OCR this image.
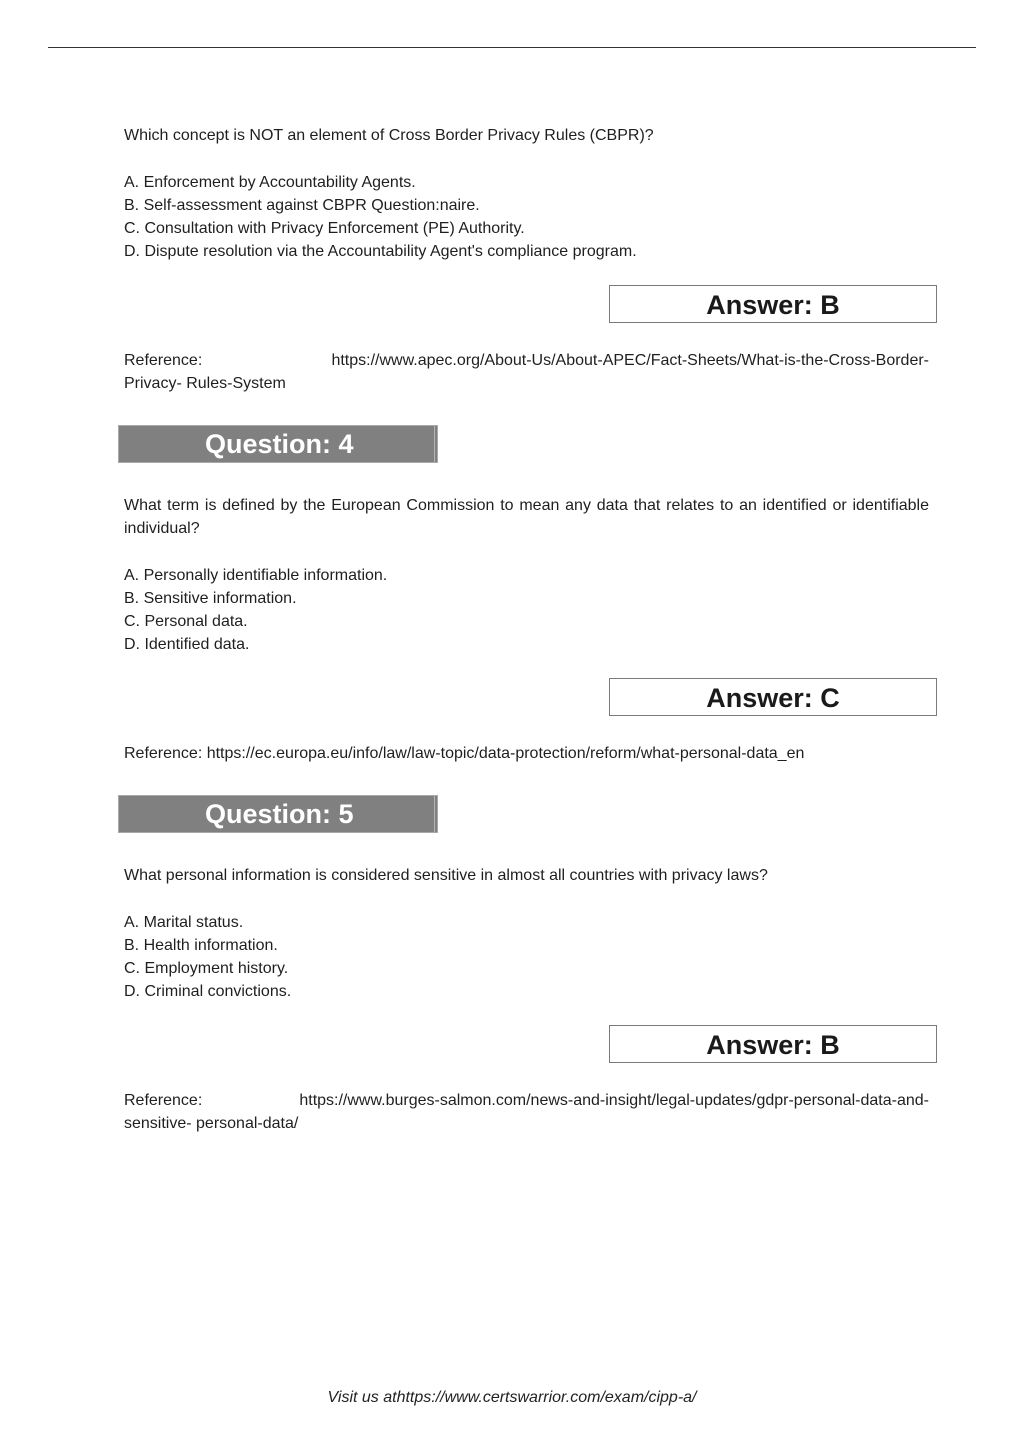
Which concept is NOT an element of Cross Border Privacy Rules (CBPR)?

A. Enforcement by Accountability Agents.
B. Self-assessment against CBPR Question:naire.
C. Consultation with Privacy Enforcement (PE) Authority.
D. Dispute resolution via the Accountability Agent's compliance program.
Answer: B
Reference:	https://www.apec.org/About-Us/About-APEC/Fact-Sheets/What-is-the-Cross-Border-
Privacy- Rules-System
Question: 4

What term is defined by the European Commission to mean any data that relates to an identified or identifiable individual?

A. Personally identifiable information.
B. Sensitive information.
C. Personal data.
D. Identified data.
Answer: C

Reference: https://ec.europa.eu/info/law/law-topic/data-protection/reform/what-personal-data_en

Question: 5

What personal information is considered sensitive in almost all countries with privacy laws?

A. Marital status.
B. Health information.
C. Employment history.
D. Criminal convictions.
Answer: B
Reference:	https://www.burges-salmon.com/news-and-insight/legal-updates/gdpr-personal-data-and-
sensitive- personal-data/
Visit us athttps://www.certswarrior.com/exam/cipp-a/
